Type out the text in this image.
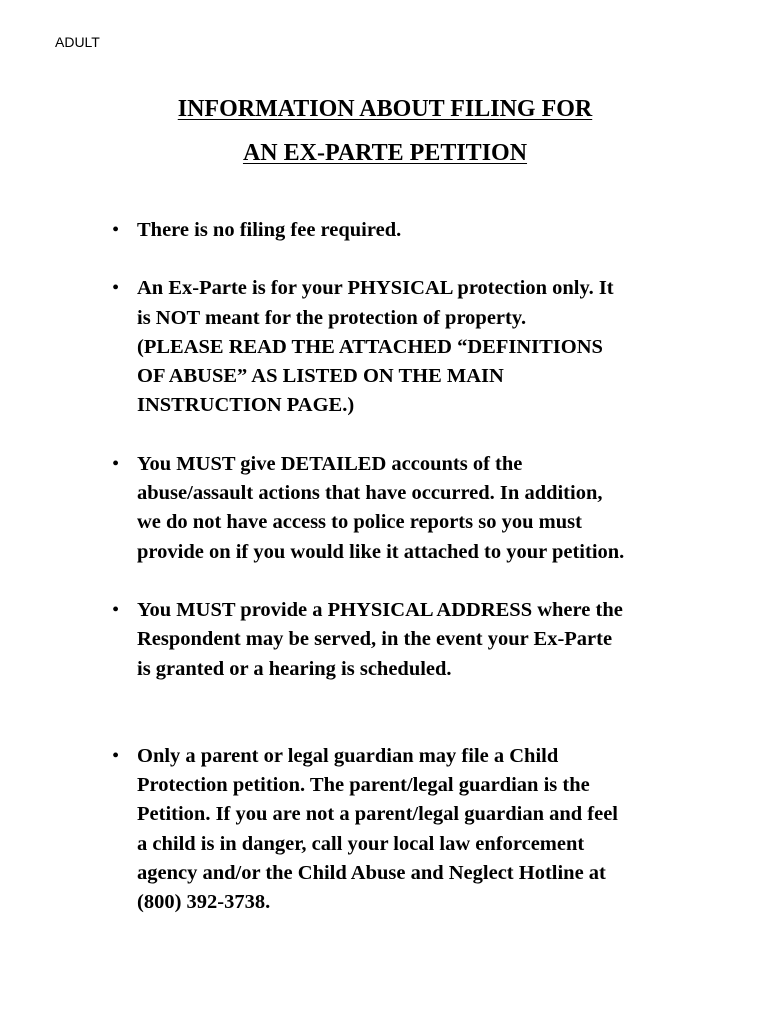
ADULT
INFORMATION ABOUT FILING FOR
AN EX-PARTE PETITION
• There is no filing fee required.
• An Ex-Parte is for your PHYSICAL protection only. It
is NOT meant for the protection of property.
(PLEASE READ THE ATTACHED “DEFINITIONS
OF ABUSE” AS LISTED ON THE MAIN
INSTRUCTION PAGE.)
• You MUST give DETAILED accounts of the
abuse/assault actions that have occurred. In addition,
we do not have access to police reports so you must
provide on if you would like it attached to your petition.
• You MUST provide a PHYSICAL ADDRESS where the
Respondent may be served, in the event your Ex-Parte
is granted or a hearing is scheduled.
• Only a parent or legal guardian may file a Child
Protection petition. The parent/legal guardian is the
Petition. If you are not a parent/legal guardian and feel
a child is in danger, call your local law enforcement
agency and/or the Child Abuse and Neglect Hotline at
(800) 392-3738.
